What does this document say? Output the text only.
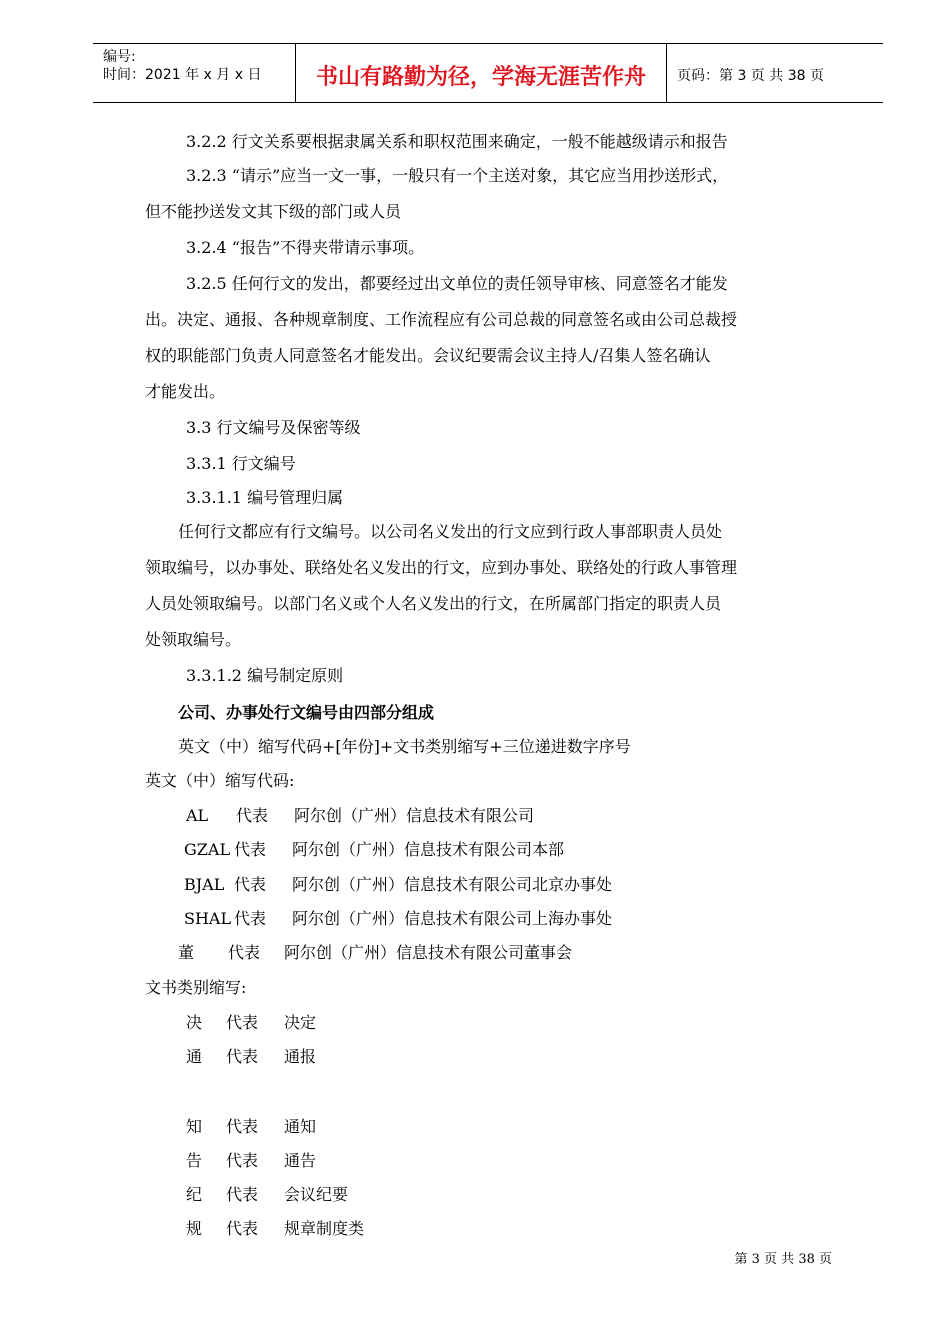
编号:
时间：2021 年 x 月 x 日	书山有路勤为径，学海无涯苦作舟	页码：第 3 页 共 38 页
3.2.2 行文关系要根据隶属关系和职权范围来确定，一般不能越级请示和报告
3.2.3 “请示”应当一文一事，一般只有一个主送对象，其它应当用抄送形式，
但不能抄送发文其下级的部门或人员
3.2.4 “报告”不得夹带请示事项。
3.2.5 任何行文的发出，都要经过出文单位的责任领导审核、同意签名才能发
出。决定、通报、各种规章制度、工作流程应有公司总裁的同意签名或由公司总裁授
权的职能部门负责人同意签名才能发出。会议纪要需会议主持人/召集人签名确认
才能发出。
3.3 行文编号及保密等级
3.3.1 行文编号
3.3.1.1 编号管理归属
任何行文都应有行文编号。以公司名义发出的行文应到行政人事部职责人员处
领取编号，以办事处、联络处名义发出的行文，应到办事处、联络处的行政人事管理
人员处领取编号。以部门名义或个人名义发出的行文，在所属部门指定的职责人员
处领取编号。
3.3.1.2 编号制定原则
公司、办事处行文编号由四部分组成
英文（中）缩写代码+[年份]+文书类别缩写+三位递进数字序号
英文（中）缩写代码:
AL 代表 阿尔创（广州）信息技术有限公司
GZAL 代表 阿尔创（广州）信息技术有限公司本部
BJAL 代表 阿尔创（广州）信息技术有限公司北京办事处
SHAL 代表 阿尔创（广州）信息技术有限公司上海办事处
董 代表 阿尔创（广州）信息技术有限公司董事会
文书类别缩写:
决 代表 决定
通 代表 通报
知 代表 通知
告 代表 通告
纪 代表 会议纪要
规 代表 规章制度类
第 3 页 共 38 页
